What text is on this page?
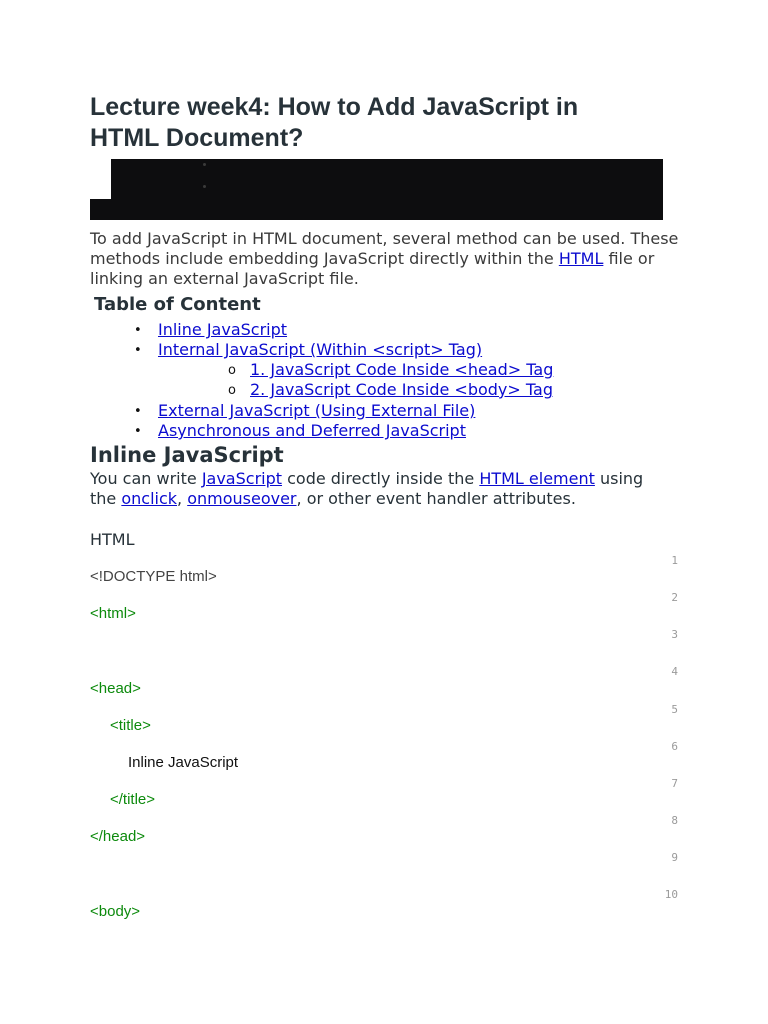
Lecture week4: How to Add JavaScript in HTML Document?

To add JavaScript in HTML document, several method can be used. These methods include embedding JavaScript directly within the HTML file or linking an external JavaScript file.

Table of Content
• Inline JavaScript
• Internal JavaScript (Within <script> Tag)
o 1. JavaScript Code Inside <head> Tag
o 2. JavaScript Code Inside <body> Tag
• External JavaScript (Using External File)
• Asynchronous and Deferred JavaScript
Inline JavaScript

You can write JavaScript code directly inside the HTML element using the onclick, onmouseover, or other event handler attributes.

HTML
1
2
3
4
5
6
7
8
9
10
<!DOCTYPE html>
<html>
<head>
<title>
Inline JavaScript
</title>
</head>
<body>
